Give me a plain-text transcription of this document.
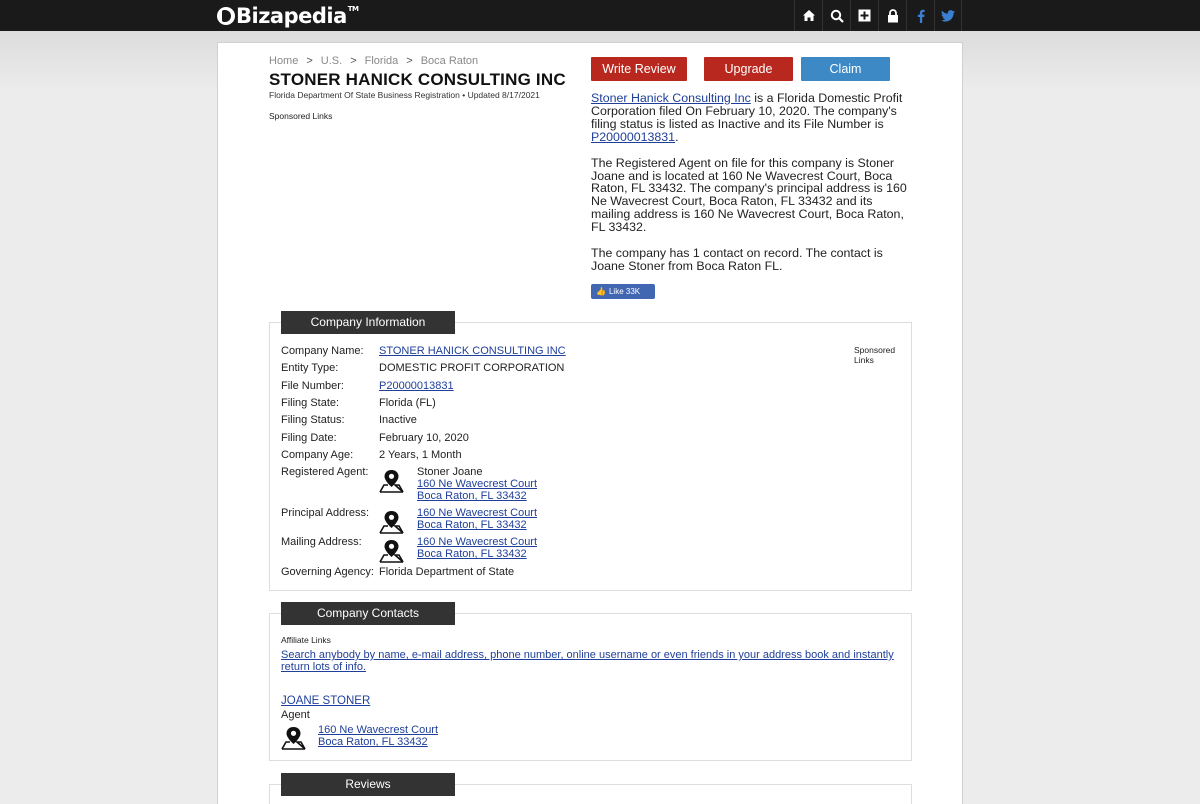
Bizapedia™
Home > U.S. > Florida > Boca Raton
STONER HANICK CONSULTING INC
Florida Department Of State Business Registration • Updated 8/17/2021
Sponsored Links
Write Review	Upgrade	Claim

Stoner Hanick Consulting Inc is a Florida Domestic Profit Corporation filed On February 10, 2020. The company's filing status is listed as Inactive and its File Number is P20000013831.

The Registered Agent on file for this company is Stoner Joane and is located at 160 Ne Wavecrest Court, Boca Raton, FL 33432. The company's principal address is 160 Ne Wavecrest Court, Boca Raton, FL 33432 and its mailing address is 160 Ne Wavecrest Court, Boca Raton, FL 33432.

The company has 1 contact on record. The contact is Joane Stoner from Boca Raton FL.

👍 Like 33K
Company Information
Sponsored
Links
Company Name: STONER HANICK CONSULTING INC
Entity Type:	DOMESTIC PROFIT CORPORATION
File Number:	P20000013831
Filing State:	Florida (FL)
Filing Status:	Inactive
Filing Date:	February 10, 2020
Company Age: 2 Years, 1 Month
Registered Agent:	Stoner Joane
160 Ne Wavecrest Court
Boca Raton, FL 33432
Principal Address:	160 Ne Wavecrest Court
Boca Raton, FL 33432
Mailing Address:	160 Ne Wavecrest Court
Boca Raton, FL 33432
Governing Agency: Florida Department of State
Company Contacts
Affiliate Links
Search anybody by name, e-mail address, phone number, online username or even friends in your address book and instantly return lots of info.
JOANE STONER
Agent
160 Ne Wavecrest Court
Boca Raton, FL 33432
Reviews
